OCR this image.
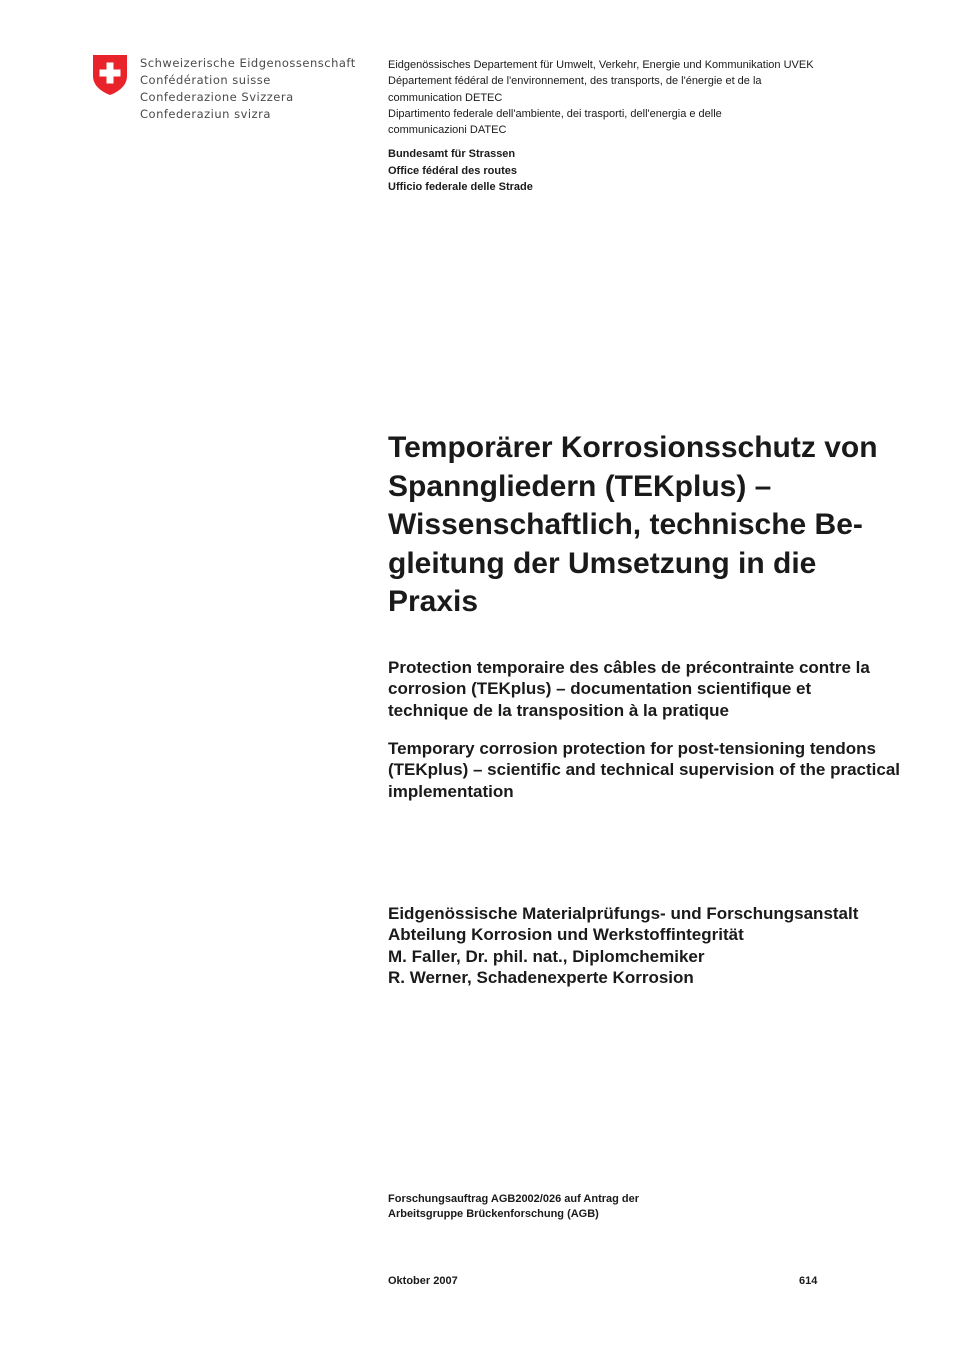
Schweizerische Eidgenossenschaft
Confédération suisse
Confederazione Svizzera
Confederaziun svizra
Eidgenössisches Departement für Umwelt, Verkehr, Energie und Kommunikation UVEK
Département fédéral de l'environnement, des transports, de l'énergie et de la
communication DETEC
Dipartimento federale dell'ambiente, dei trasporti, dell'energia e delle
communicazioni DATEC
Bundesamt für Strassen
Office fédéral des routes
Ufficio federale delle Strade
Temporärer Korrosionsschutz von
Spanngliedern (TEKplus) –
Wissenschaftlich, technische Be-
gleitung der Umsetzung in die
Praxis
Protection temporaire des câbles de précontrainte contre la
corrosion (TEKplus) – documentation scientifique et
technique de la transposition à la pratique
Temporary corrosion protection for post-tensioning tendons
(TEKplus) – scientific and technical supervision of the practical
implementation
Eidgenössische Materialprüfungs- und Forschungsanstalt
Abteilung Korrosion und Werkstoffintegrität
M. Faller, Dr. phil. nat., Diplomchemiker
R. Werner, Schadenexperte Korrosion
Forschungsauftrag AGB2002/026 auf Antrag der
Arbeitsgruppe Brückenforschung (AGB)
Oktober 2007	614
